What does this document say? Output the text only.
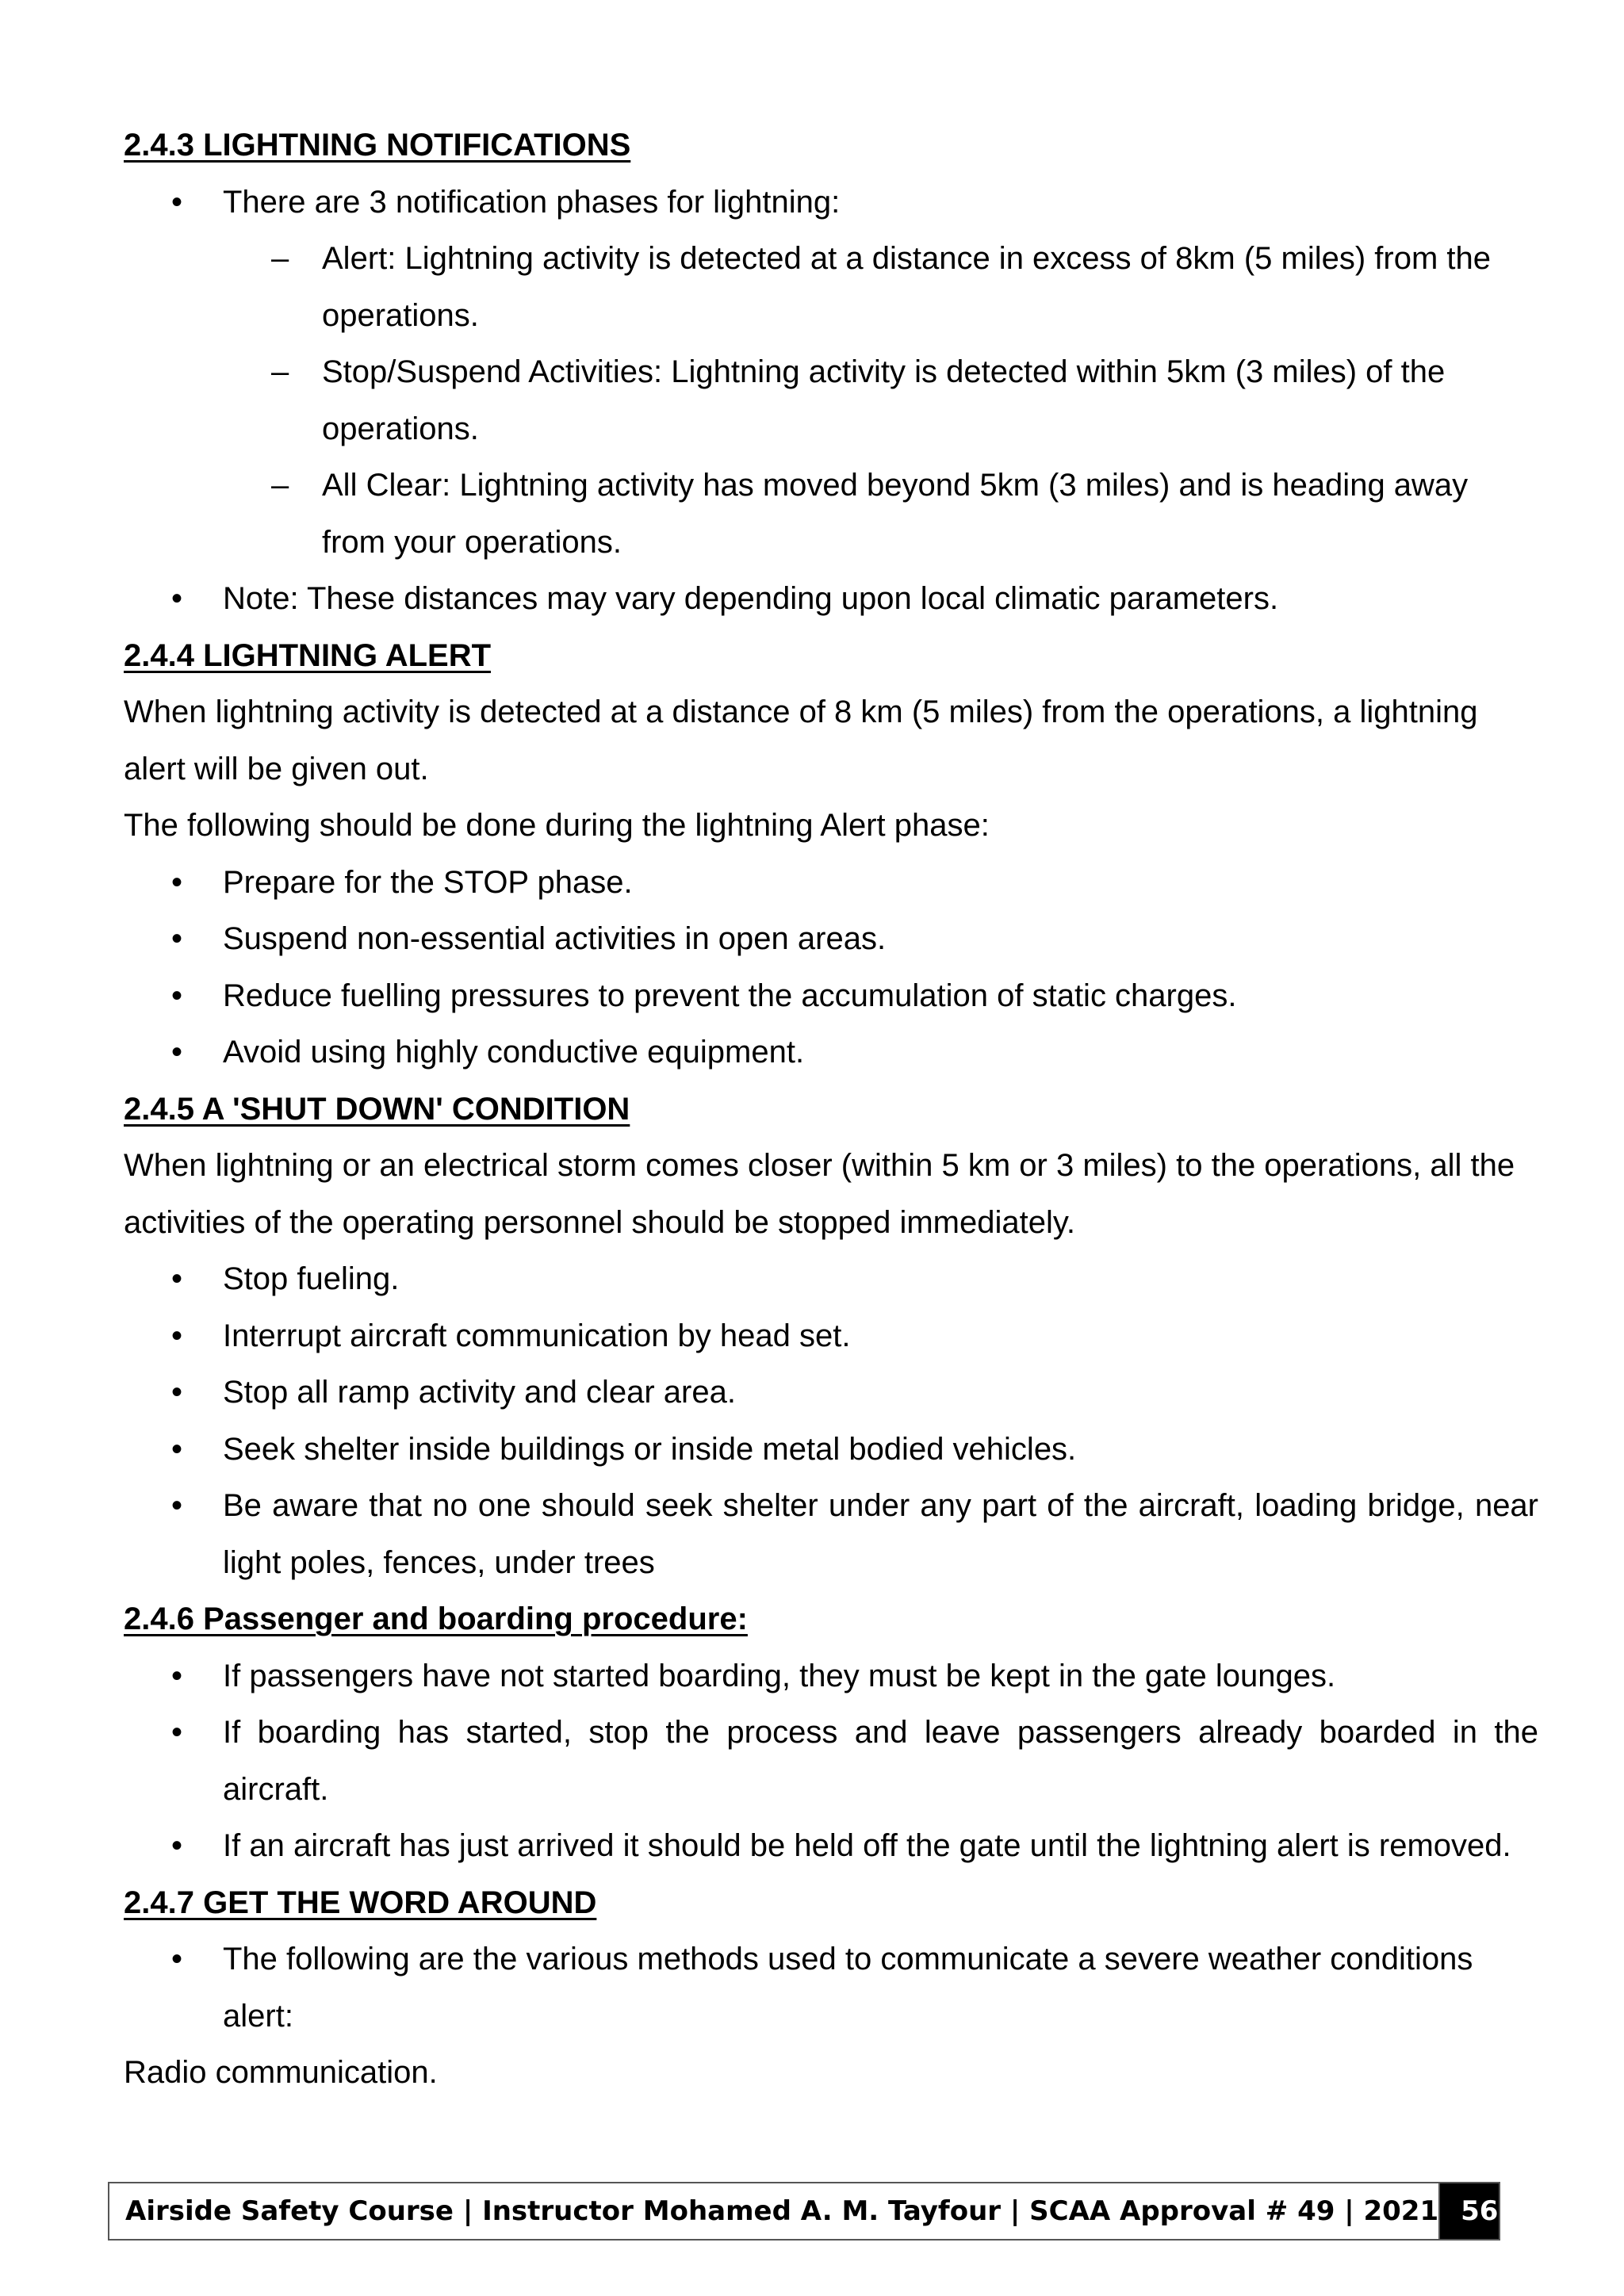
2.4.3 LIGHTNING NOTIFICATIONS

• There are 3 notification phases for lightning:

– Alert: Lightning activity is detected at a distance in excess of 8km (5 miles) from the operations.

– Stop/Suspend Activities: Lightning activity is detected within 5km (3 miles) of the operations.

– All Clear: Lightning activity has moved beyond 5km (3 miles) and is heading away from your operations.

• Note: These distances may vary depending upon local climatic parameters.

2.4.4 LIGHTNING ALERT

When lightning activity is detected at a distance of 8 km (5 miles) from the operations, a lightning alert will be given out.

The following should be done during the lightning Alert phase:

• Prepare for the STOP phase.

• Suspend non-essential activities in open areas.

• Reduce fuelling pressures to prevent the accumulation of static charges.

• Avoid using highly conductive equipment.

2.4.5 A 'SHUT DOWN' CONDITION

When lightning or an electrical storm comes closer (within 5 km or 3 miles) to the operations, all the activities of the operating personnel should be stopped immediately.

• Stop fueling.

• Interrupt aircraft communication by head set.

• Stop all ramp activity and clear area.

• Seek shelter inside buildings or inside metal bodied vehicles.

• Be aware that no one should seek shelter under any part of the aircraft, loading bridge, near light poles, fences, under trees

2.4.6 Passenger and boarding procedure:

• If passengers have not started boarding, they must be kept in the gate lounges.

• If boarding has started, stop the process and leave passengers already boarded in the aircraft.

• If an aircraft has just arrived it should be held off the gate until the lightning alert is removed.

2.4.7 GET THE WORD AROUND

• The following are the various methods used to communicate a severe weather conditions alert:

Radio communication.

Airside Safety Course | Instructor Mohamed A. M. Tayfour | SCAA Approval # 49 | 2021 56
